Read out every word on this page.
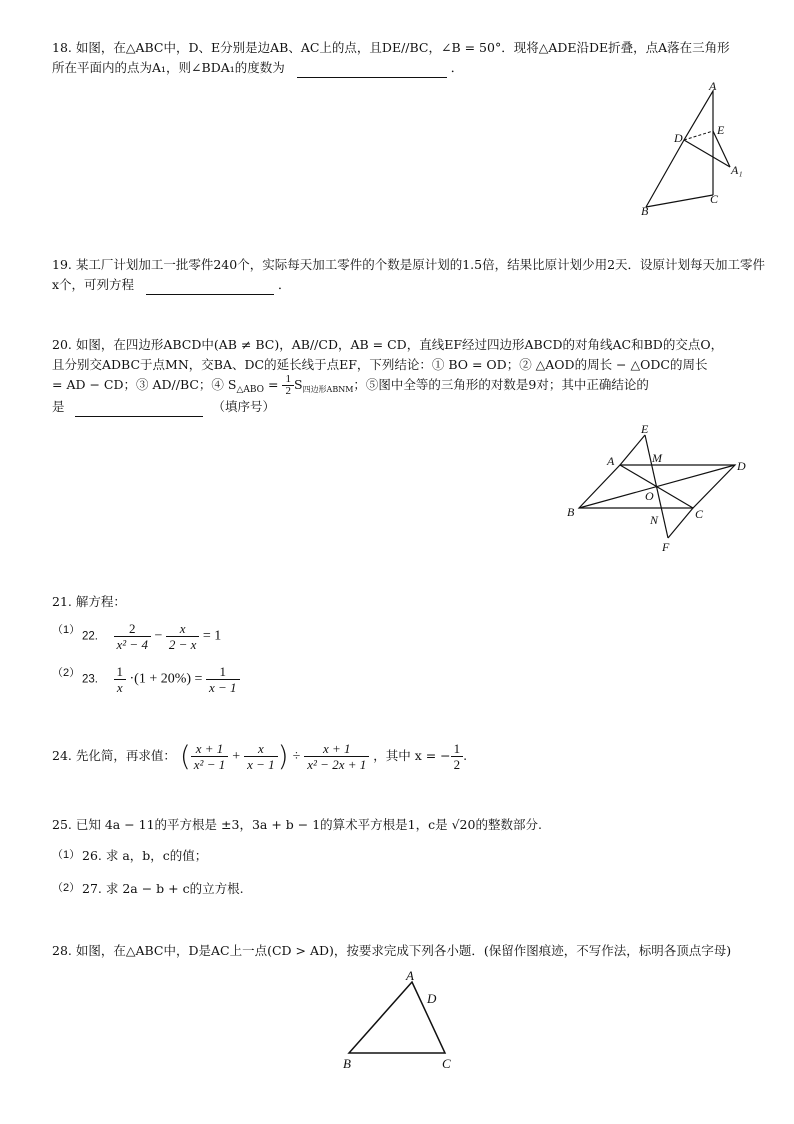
18. 如图，在△ABC中，D、E分别是边AB、AC上的点，且DE//BC，∠B = 50°．现将△ADE沿DE折叠，点A落在三角形
所在平面内的点为A₁，则∠BDA₁的度数为	．
A
D
E
A₁
B
C
19. 某工厂计划加工一批零件240个，实际每天加工零件的个数是原计划的1.5倍，结果比原计划少用2天．设原计划每天加工零件
x个，可列方程	．
20. 如图，在四边形ABCD中(AB ≠ BC)，AB//CD，AB = CD，直线EF经过四边形ABCD的对角线AC和BD的交点O，
且分别交ADBC于点MN，交BA、DC的延长线于点EF，下列结论：① BO = OD；② △AOD的周长 − △ODC的周长
= AD − CD；③ AD//BC；④ $S_{\triangle ABO} = \frac{1}{2} S_{四边形ABNM}$；⑤图中全等的三角形的对数是9对；其中正确结论的
是	（填序号）
E
A	M
D
O
B
N	C
F
21. 解方程：
（1）
22. $\frac{2}{\text{x² − 4}} - \frac{x}{2 - x} = 1$
（2）
23. $\frac{1}{x} \cdot(1 + 20\%) = \frac{1}{x - 1}$
24. 先化简，再求值： ( $\frac{x + 1}{\text{x² − 1}} + \frac{x}{x - 1}$ ) ÷ $\frac{x + 1}{\text{x² − 2x + 1}}$ ，其中 x = − $\frac{1}{2}$ .
25. 已知 4a − 11的平方根是 ±3，3a + b − 1的算术平方根是1，c是 √20的整数部分.
（1） 26. 求 a，b，c的值；
（2） 27. 求 2a − b + c的立方根.
28. 如图，在△ABC中，D是AC上一点(CD > AD)，按要求完成下列各小题．(保留作图痕迹，不写作法，标明各顶点字母)
A
D
B	C
